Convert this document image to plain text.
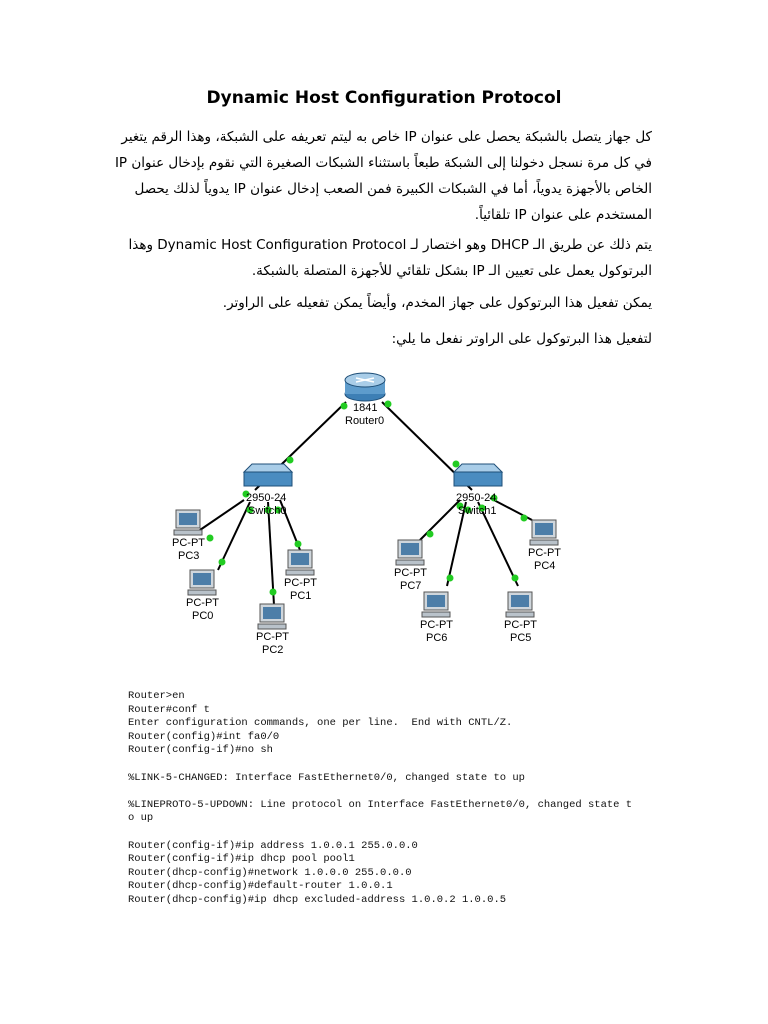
Dynamic Host Configuration Protocol

كل جهاز يتصل بالشبكة يحصل على عنوان IP خاص به ليتم تعريفه على الشبكة، وهذا الرقم يتغير في كل مرة نسجل دخولنا إلى الشبكة طبعاً باستثناء الشبكات الصغيرة التي نقوم بإدخال عنوان IP الخاص بالأجهزة يدوياً، أما في الشبكات الكبيرة فمن الصعب إدخال عنوان IP يدوياً لذلك يحصل المستخدم على عنوان IP تلقائياً.

يتم ذلك عن طريق الـ DHCP وهو اختصار لـ Dynamic Host Configuration Protocol وهذا البرتوكول يعمل على تعيين الـ IP بشكل تلقائي للأجهزة المتصلة بالشبكة.

يمكن تفعيل هذا البرتوكول على جهاز المخدم، وأيضاً يمكن تفعيله على الراوتر.

لتفعيل هذا البرتوكول على الراوتر نفعل ما يلي:

1841
Router0
2950-24
Switch0
2950-24
Switch1
PC-PT
PC3
PC-PT
PC0
PC-PT
PC2
PC-PT
PC1
PC-PT
PC7
PC-PT
PC6
PC-PT
PC5
PC-PT
PC4
Router>en
Router#conf t
Enter configuration commands, one per line.  End with CNTL/Z.
Router(config)#int fa0/0
Router(config-if)#no sh
%LINK-5-CHANGED: Interface FastEthernet0/0, changed state to up
%LINEPROTO-5-UPDOWN: Line protocol on Interface FastEthernet0/0, changed state t
o up
Router(config-if)#ip address 1.0.0.1 255.0.0.0
Router(config-if)#ip dhcp pool pool1
Router(dhcp-config)#network 1.0.0.0 255.0.0.0
Router(dhcp-config)#default-router 1.0.0.1
Router(dhcp-config)#ip dhcp excluded-address 1.0.0.2 1.0.0.5
